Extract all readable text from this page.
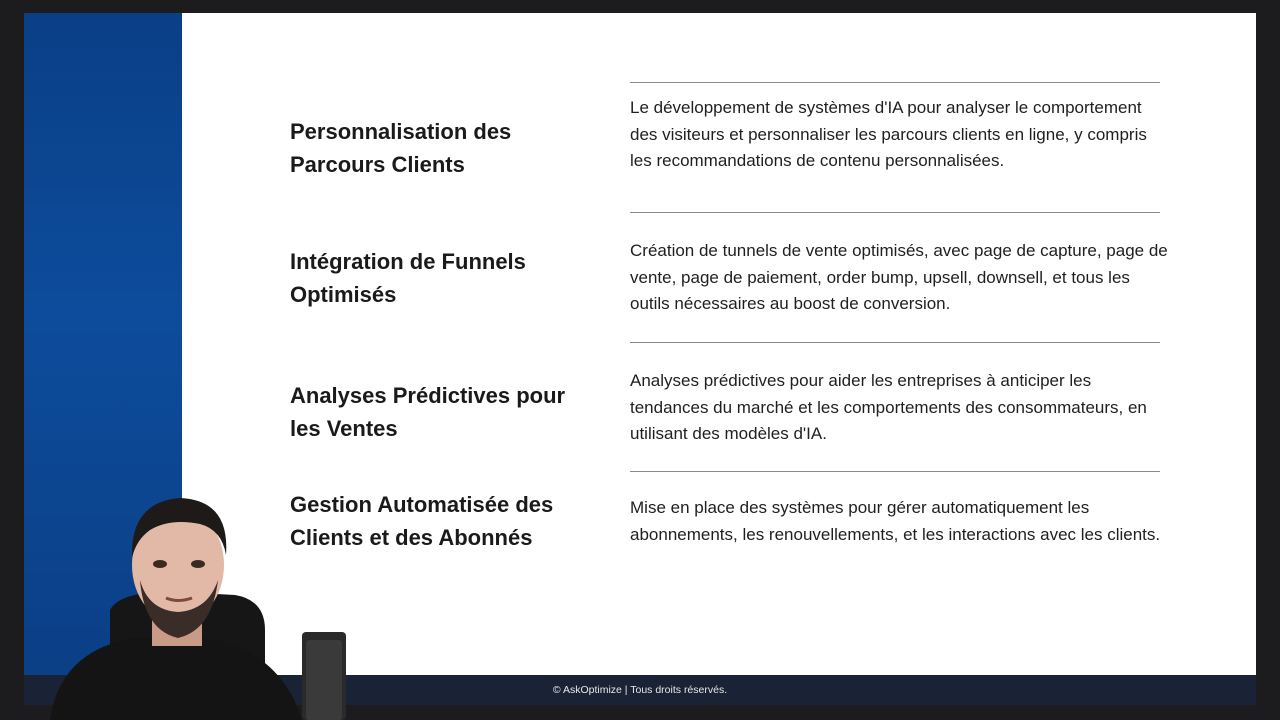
Personnalisation des Parcours Clients
Le développement de systèmes d'IA pour analyser le comportement des visiteurs et personnaliser les parcours clients en ligne, y compris les recommandations de contenu personnalisées.
Intégration de Funnels Optimisés
Création de tunnels de vente optimisés, avec page de capture, page de vente, page de paiement, order bump, upsell, downsell, et tous les outils nécessaires au boost de conversion.
Analyses Prédictives pour les Ventes
Analyses prédictives pour aider les entreprises à anticiper les tendances du marché et les comportements des consommateurs, en utilisant des modèles d'IA.
Gestion Automatisée des Clients et des Abonnés
Mise en place des systèmes pour gérer automatiquement les abonnements, les renouvellements, et les interactions avec les clients.
© AskOptimize | Tous droits réservés.
